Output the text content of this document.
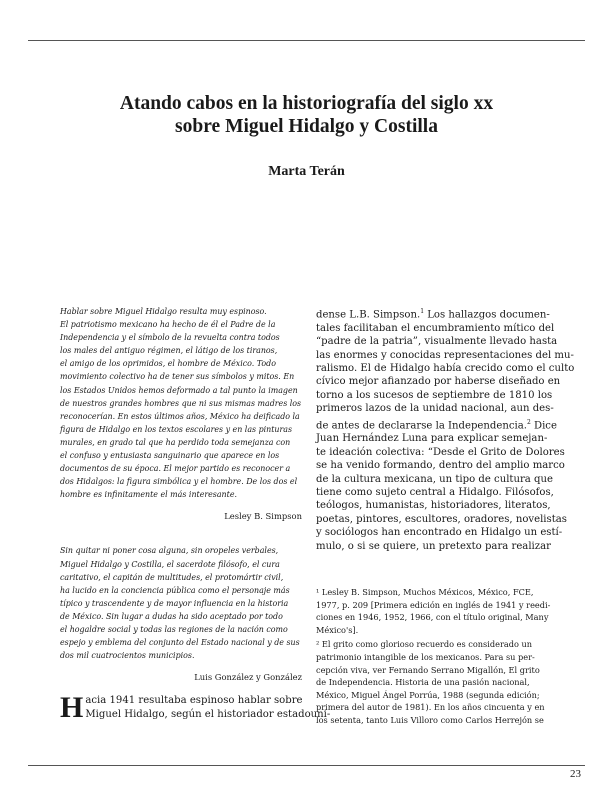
Atando cabos en la historiografía del siglo xx
sobre Miguel Hidalgo y Costilla
Marta Terán
Hablar sobre Miguel Hidalgo resulta muy espinoso.
El patriotismo mexicano ha hecho de él el Padre de la
Independencia y el símbolo de la revuelta contra todos
los males del antiguo régimen, el látigo de los tiranos,
el amigo de los oprimidos, el hombre de México. Todo
movimiento colectivo ha de tener sus símbolos y mitos. En
los Estados Unidos hemos deformado a tal punto la imagen
de nuestros grandes hombres que ni sus mismas madres los
reconocerían. En estos últimos años, México ha deificado la
figura de Hidalgo en los textos escolares y en las pinturas
murales, en grado tal que ha perdido toda semejanza con
el confuso y entusiasta sanguinario que aparece en los
documentos de su época. El mejor partido es reconocer a
dos Hidalgos: la figura simbólica y el hombre. De los dos el
hombre es infinitamente el más interesante.

Lesley B. Simpson

Sin quitar ni poner cosa alguna, sin oropeles verbales,
Miguel Hidalgo y Costilla, el sacerdote filósofo, el cura
caritativo, el capitán de multitudes, el protomártir civil,
ha lucido en la conciencia pública como el personaje más
típico y trascendente y de mayor influencia en la historia
de México. Sin lugar a dudas ha sido aceptado por todo
el hogaldre social y todas las regiones de la nación como
espejo y emblema del conjunto del Estado nacional y de sus
dos mil cuatrocientos municipios.

Luis González y González

H acia 1941 resultaba espinoso hablar sobre
Miguel Hidalgo, según el historiador estadouni-
dense L.B. Simpson.$^1$ Los hallazgos documen-
tales facilitaban el encumbramiento mítico del
“padre de la patria”, visualmente llevado hasta
las enormes y conocidas representaciones del mu-
ralismo. El de Hidalgo había crecido como el culto
cívico mejor afianzado por haberse diseñado en
torno a los sucesos de septiembre de 1810 los
primeros lazos de la unidad nacional, aun des-
de antes de declararse la Independencia.$^2$ Dice
Juan Hernández Luna para explicar semejan-
te ideación colectiva: “Desde el Grito de Dolores
se ha venido formando, dentro del amplio marco
de la cultura mexicana, un tipo de cultura que
tiene como sujeto central a Hidalgo. Filósofos,
teólogos, humanistas, historiadores, literatos,
poetas, pintores, escultores, oradores, novelistas
y sociólogos han encontrado en Hidalgo un estí-
mulo, o si se quiere, un pretexto para realizar
¹ Lesley B. Simpson, Muchos Méxicos, México, FCE,
1977, p. 209 [Primera edición en inglés de 1941 y reedi-
ciones en 1946, 1952, 1966, con el título original, Many
México's].
² El grito como glorioso recuerdo es considerado un
patrimonio intangible de los mexicanos. Para su per-
cepción viva, ver Fernando Serrano Migallón, El grito
de Independencia. Historia de una pasión nacional,
México, Miguel Ángel Porrúa, 1988 (segunda edición;
primera del autor de 1981). En los años cincuenta y en
los setenta, tanto Luis Villoro como Carlos Herrejón se
23
